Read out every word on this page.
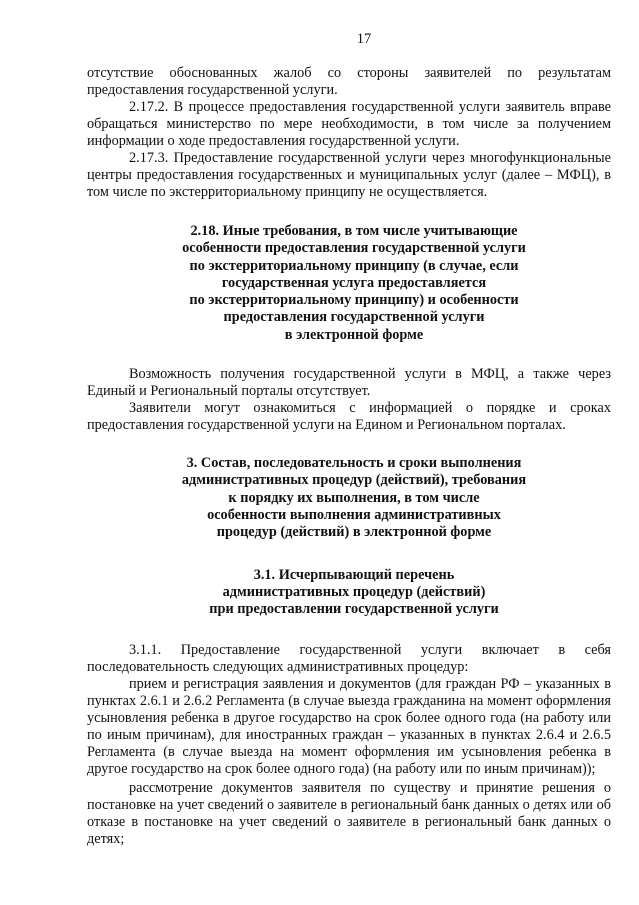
17

отсутствие обоснованных жалоб со стороны заявителей по результатам предоставления государственной услуги.

2.17.2. В процессе предоставления государственной услуги заявитель вправе обращаться министерство по мере необходимости, в том числе за получением информации о ходе предоставления государственной услуги.

2.17.3. Предоставление государственной услуги через многофункциональные центры предоставления государственных и муниципальных услуг (далее – МФЦ), в том числе по экстерриториальному принципу не осуществляется.

2.18. Иные требования, в том числе учитывающие
особенности предоставления государственной услуги
по экстерриториальному принципу (в случае, если
государственная услуга предоставляется
по экстерриториальному принципу) и особенности
предоставления государственной услуги
в электронной форме

Возможность получения государственной услуги в МФЦ, а также через Единый и Региональный порталы отсутствует.

Заявители могут ознакомиться с информацией о порядке и сроках предоставления государственной услуги на Едином и Региональном порталах.

3. Состав, последовательность и сроки выполнения
административных процедур (действий), требования
к порядку их выполнения, в том числе
особенности выполнения административных
процедур (действий) в электронной форме
3.1. Исчерпывающий перечень
административных процедур (действий)
при предоставлении государственной услуги

3.1.1. Предоставление государственной услуги включает в себя последовательность следующих административных процедур:

прием и регистрация заявления и документов (для граждан РФ – указанных в пунктах 2.6.1 и 2.6.2 Регламента (в случае выезда гражданина на момент оформления усыновления ребенка в другое государство на срок более одного года (на работу или по иным причинам), для иностранных граждан – указанных в пунктах 2.6.4 и 2.6.5 Регламента (в случае выезда на момент оформления им усыновления ребенка в другое государство на срок более одного года) (на работу или по иным причинам));

рассмотрение документов заявителя по существу и принятие решения о постановке на учет сведений о заявителе в региональный банк данных о детях или об отказе в постановке на учет сведений о заявителе в региональный банк данных о детях;
